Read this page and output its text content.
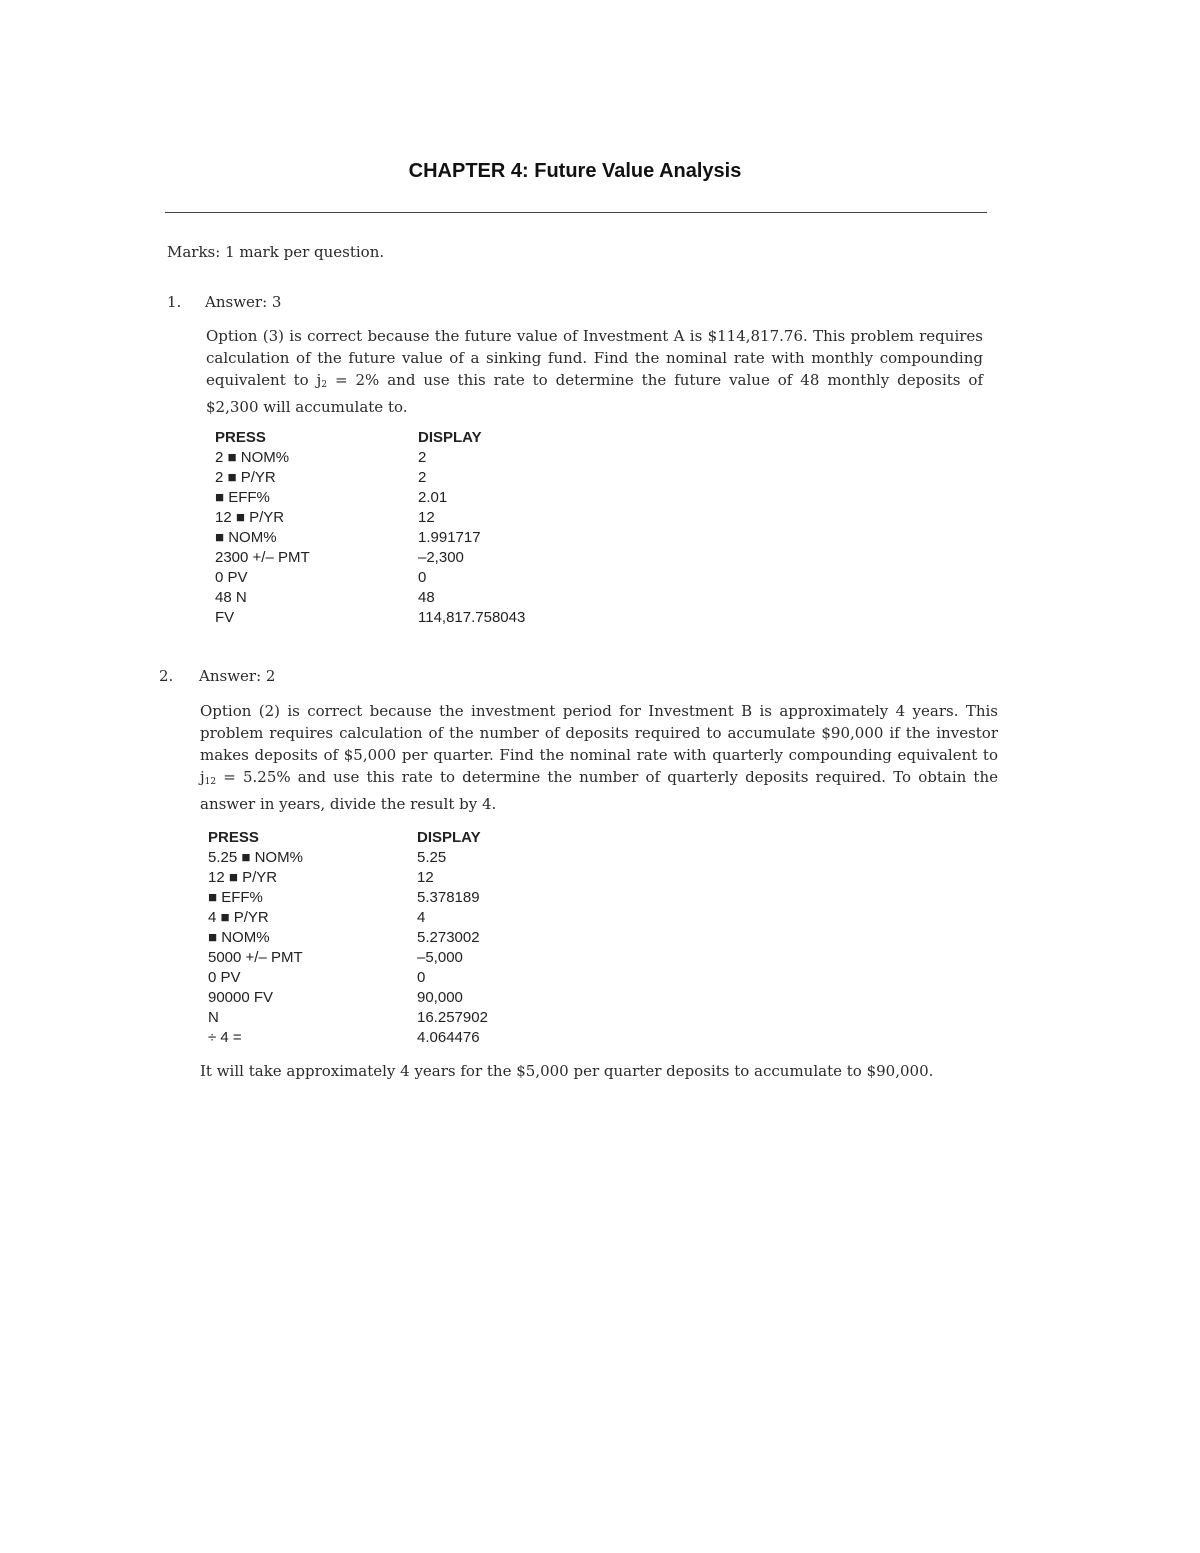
CHAPTER 4: Future Value Analysis
Marks: 1 mark per question.
1. Answer: 3
Option (3) is correct because the future value of Investment A is $114,817.76. This problem requires calculation of the future value of a sinking fund. Find the nominal rate with monthly compounding equivalent to $j_2 = 2\%$ and use this rate to determine the future value of 48 monthly deposits of $2,300 will accumulate to.
PRESS	DISPLAY
2 ■ NOM%	2
2 ■ P/YR	2
■ EFF%	2.01
12 ■ P/YR	12
■ NOM%	1.991717
2300 +/– PMT	–2,300
0 PV	0
48 N	48
FV	114,817.758043
2. Answer: 2
Option (2) is correct because the investment period for Investment B is approximately 4 years. This problem requires calculation of the number of deposits required to accumulate $90,000 if the investor makes deposits of $5,000 per quarter. Find the nominal rate with quarterly compounding equivalent to $j_{12} = 5.25\%$ and use this rate to determine the number of quarterly deposits required. To obtain the answer in years, divide the result by 4.
PRESS	DISPLAY
5.25 ■ NOM%	5.25
12 ■ P/YR	12
■ EFF%	5.378189
4 ■ P/YR	4
■ NOM%	5.273002
5000 +/– PMT	–5,000
0 PV	0
90000 FV	90,000
N	16.257902
÷ 4 =	4.064476
It will take approximately 4 years for the $5,000 per quarter deposits to accumulate to $90,000.
